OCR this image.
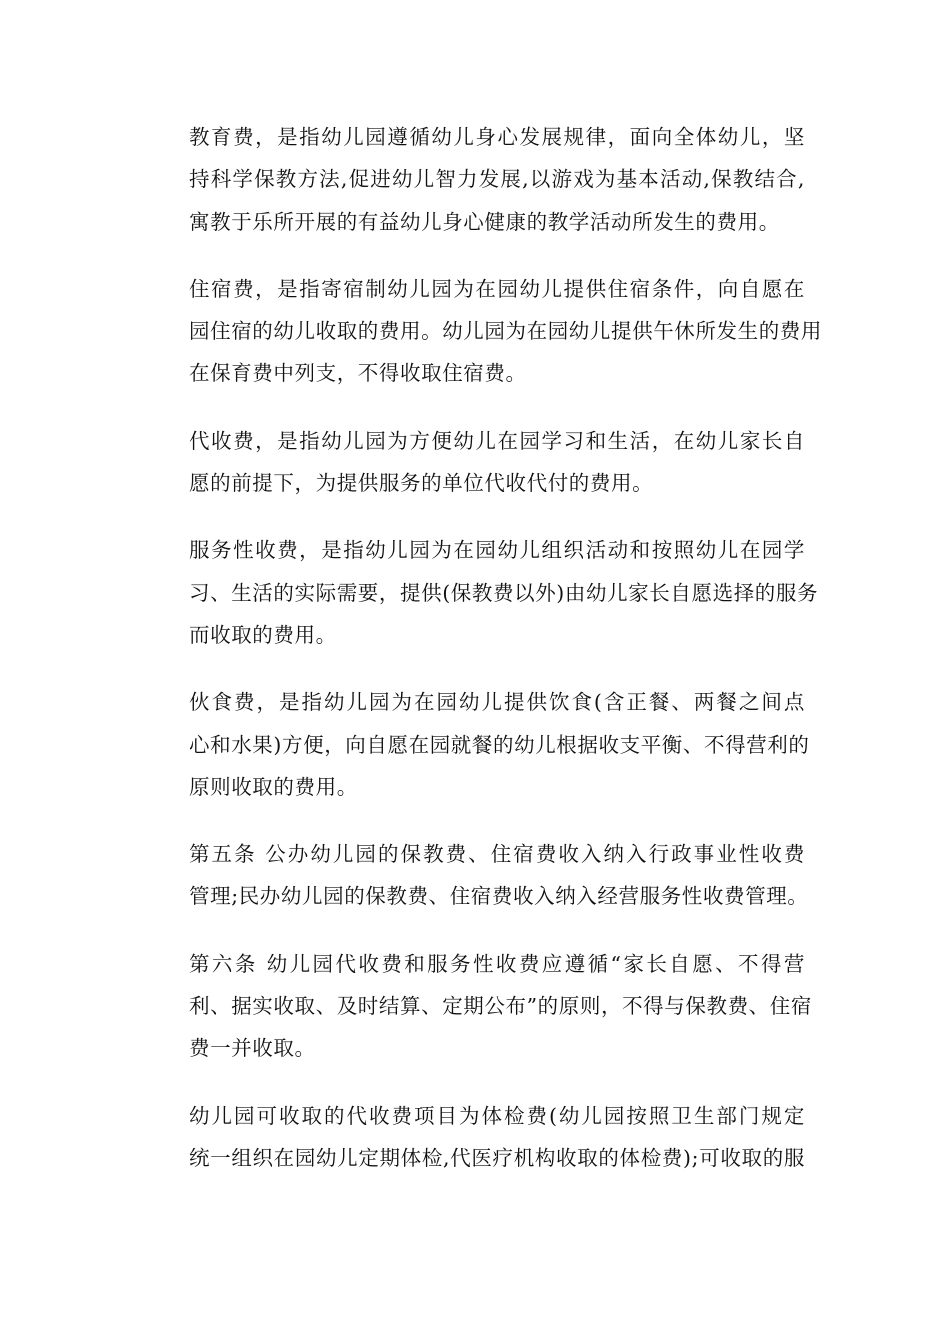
教育费，是指幼儿园遵循幼儿身心发展规律，面向全体幼儿，坚
持科学保教方法,促进幼儿智力发展,以游戏为基本活动,保教结合,
寓教于乐所开展的有益幼儿身心健康的教学活动所发生的费用。

住宿费，是指寄宿制幼儿园为在园幼儿提供住宿条件，向自愿在
园住宿的幼儿收取的费用。幼儿园为在园幼儿提供午休所发生的费用
在保育费中列支，不得收取住宿费。

代收费，是指幼儿园为方便幼儿在园学习和生活，在幼儿家长自
愿的前提下，为提供服务的单位代收代付的费用。

服务性收费，是指幼儿园为在园幼儿组织活动和按照幼儿在园学
习、生活的实际需要，提供(保教费以外)由幼儿家长自愿选择的服务
而收取的费用。

伙食费，是指幼儿园为在园幼儿提供饮食(含正餐、两餐之间点
心和水果)方便，向自愿在园就餐的幼儿根据收支平衡、不得营利的
原则收取的费用。

第五条 公办幼儿园的保教费、住宿费收入纳入行政事业性收费
管理;民办幼儿园的保教费、住宿费收入纳入经营服务性收费管理。

第六条 幼儿园代收费和服务性收费应遵循“家长自愿、不得营
利、据实收取、及时结算、定期公布”的原则，不得与保教费、住宿
费一并收取。

幼儿园可收取的代收费项目为体检费(幼儿园按照卫生部门规定
统一组织在园幼儿定期体检,代医疗机构收取的体检费);可收取的服
